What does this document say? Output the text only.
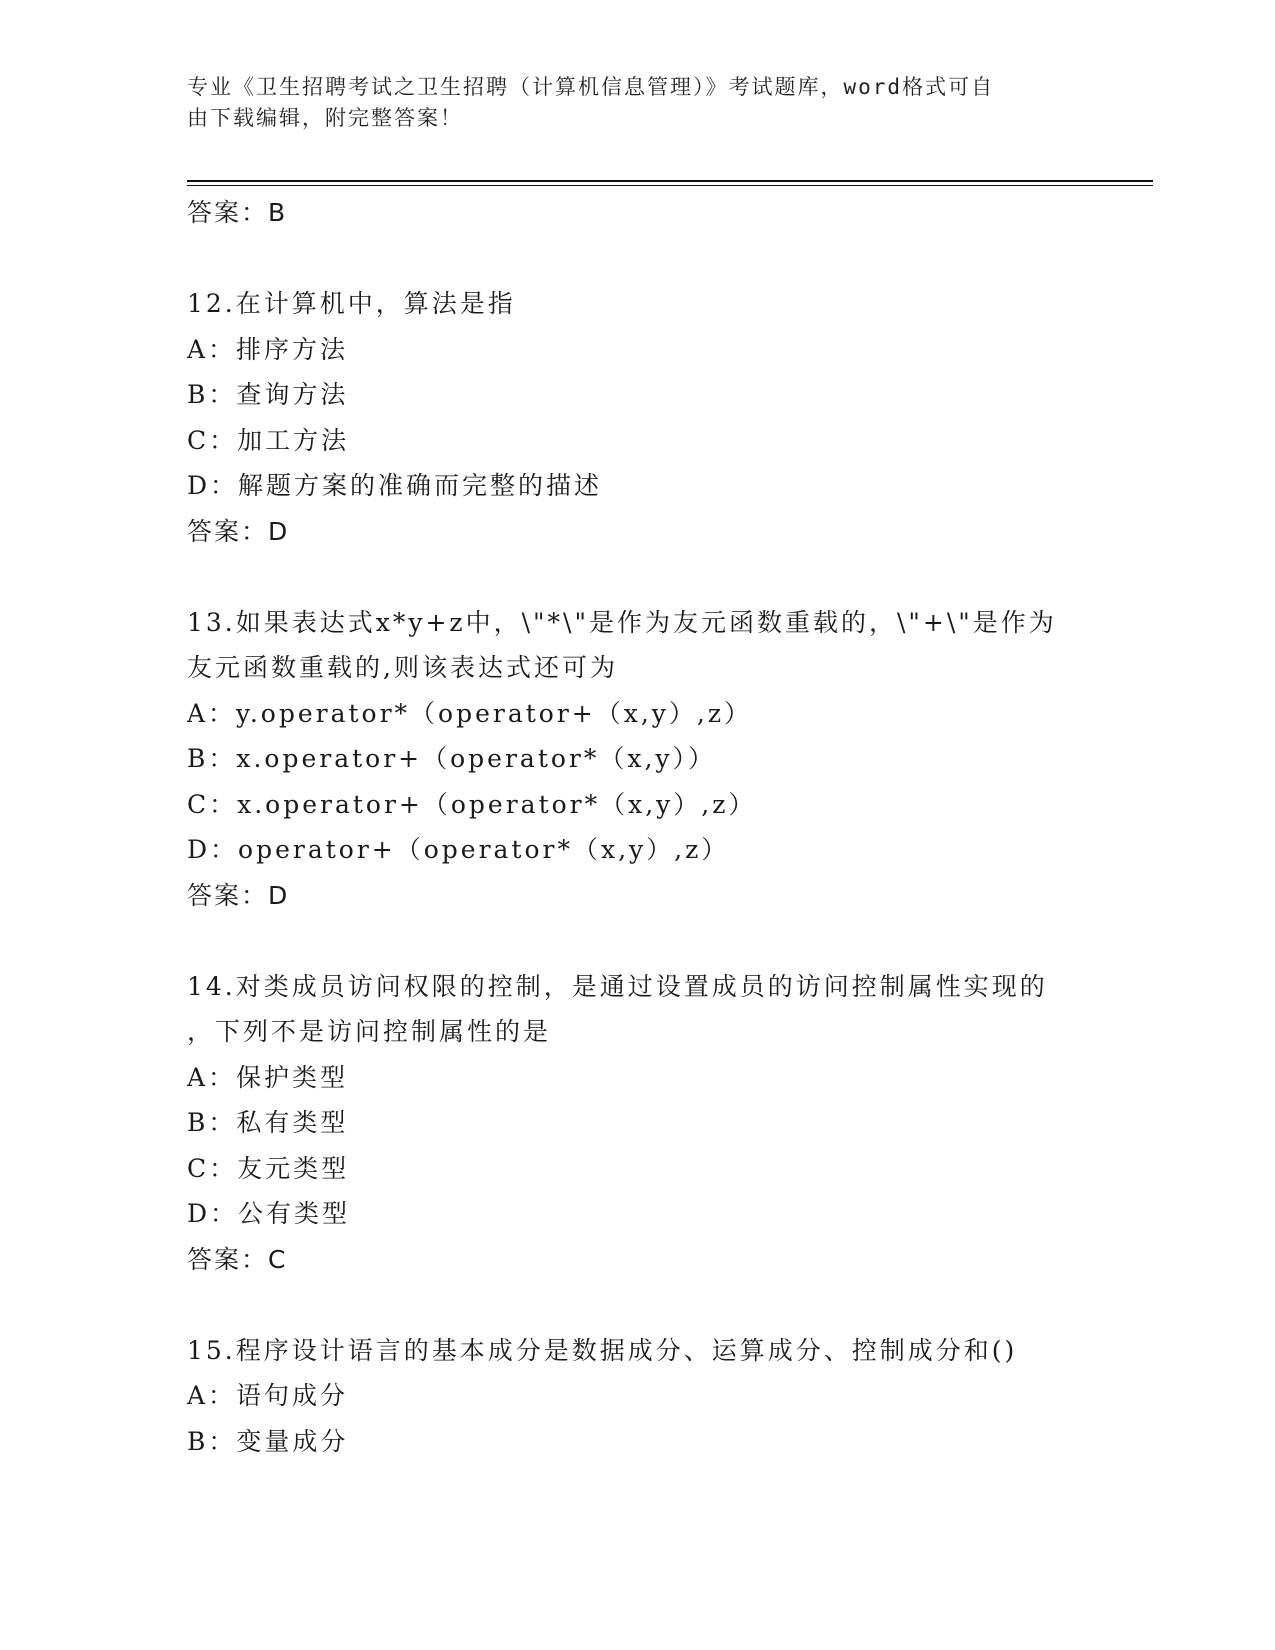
专业《卫生招聘考试之卫生招聘（计算机信息管理）》考试题库，word格式可自
由下载编辑，附完整答案！
答案：B
12.在计算机中，算法是指
A：排序方法
B：查询方法
C：加工方法
D：解题方案的准确而完整的描述
答案：D
13.如果表达式x*y+z中，\"*\"是作为友元函数重载的，\"+\"是作为
友元函数重载的,则该表达式还可为
A：y.operator*（operator+（x,y）,z）
B：x.operator+（operator*（x,y））
C：x.operator+（operator*（x,y）,z）
D：operator+（operator*（x,y）,z）
答案：D
14.对类成员访问权限的控制，是通过设置成员的访问控制属性实现的
，下列不是访问控制属性的是
A：保护类型
B：私有类型
C：友元类型
D：公有类型
答案：C
15.程序设计语言的基本成分是数据成分、运算成分、控制成分和()
A：语句成分
B：变量成分
